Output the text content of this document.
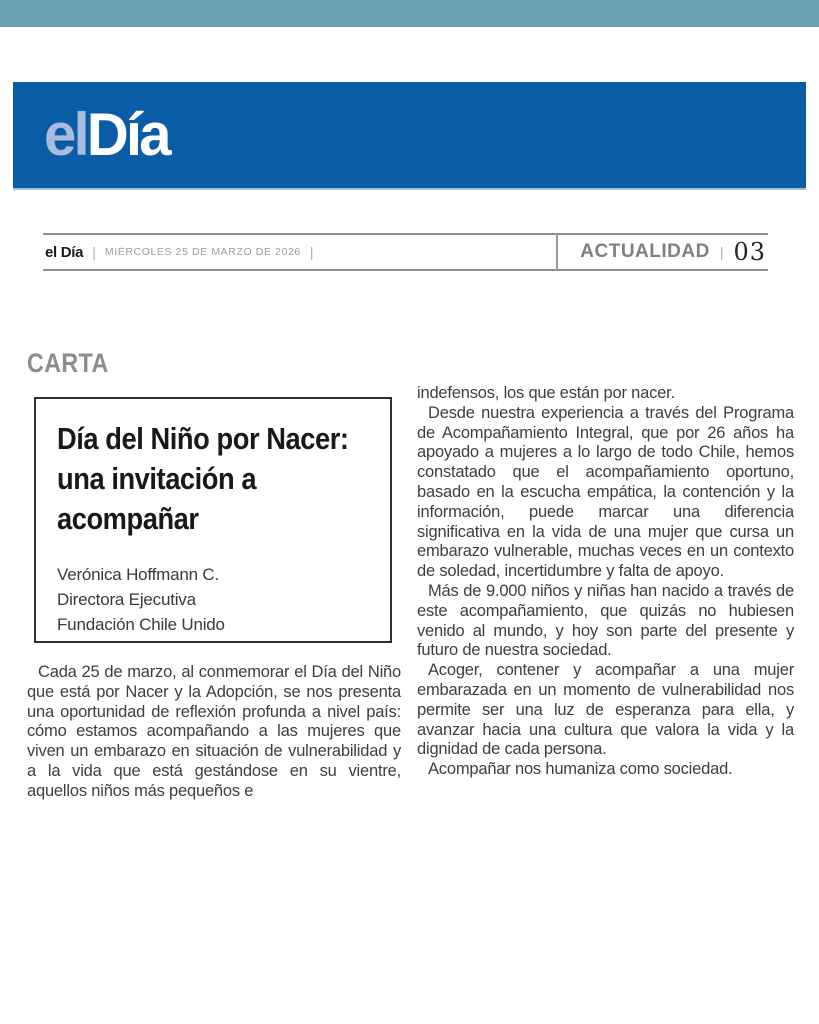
elDía
el Día | MIÉRCOLES 25 DE MARZO DE 2026 |	ACTUALIDAD | 03
CARTA
Día del Niño por Nacer:
una invitación a
acompañar
Verónica Hoffmann C.
Directora Ejecutiva
Fundación Chile Unido

Cada 25 de marzo, al conmemorar el Día del Niño que está por Nacer y la Adopción, se nos presenta una oportunidad de reflexión profunda a nivel país: cómo estamos acompañando a las mujeres que viven un embarazo en situación de vulnerabilidad y a la vida que está gestándose en su vientre, aquellos niños más pequeños e

indefensos, los que están por nacer.

Desde nuestra experiencia a través del Programa de Acompañamiento Integral, que por 26 años ha apoyado a mujeres a lo largo de todo Chile, hemos constatado que el acompañamiento oportuno, basado en la escucha empática, la contención y la información, puede marcar una diferencia significativa en la vida de una mujer que cursa un embarazo vulnerable, muchas veces en un contexto de soledad, incertidumbre y falta de apoyo.

Más de 9.000 niños y niñas han nacido a través de este acompañamiento, que quizás no hubiesen venido al mundo, y hoy son parte del presente y futuro de nuestra sociedad.

Acoger, contener y acompañar a una mujer embarazada en un momento de vulnerabilidad nos permite ser una luz de esperanza para ella, y avanzar hacia una cultura que valora la vida y la dignidad de cada persona.

Acompañar nos humaniza como sociedad.
